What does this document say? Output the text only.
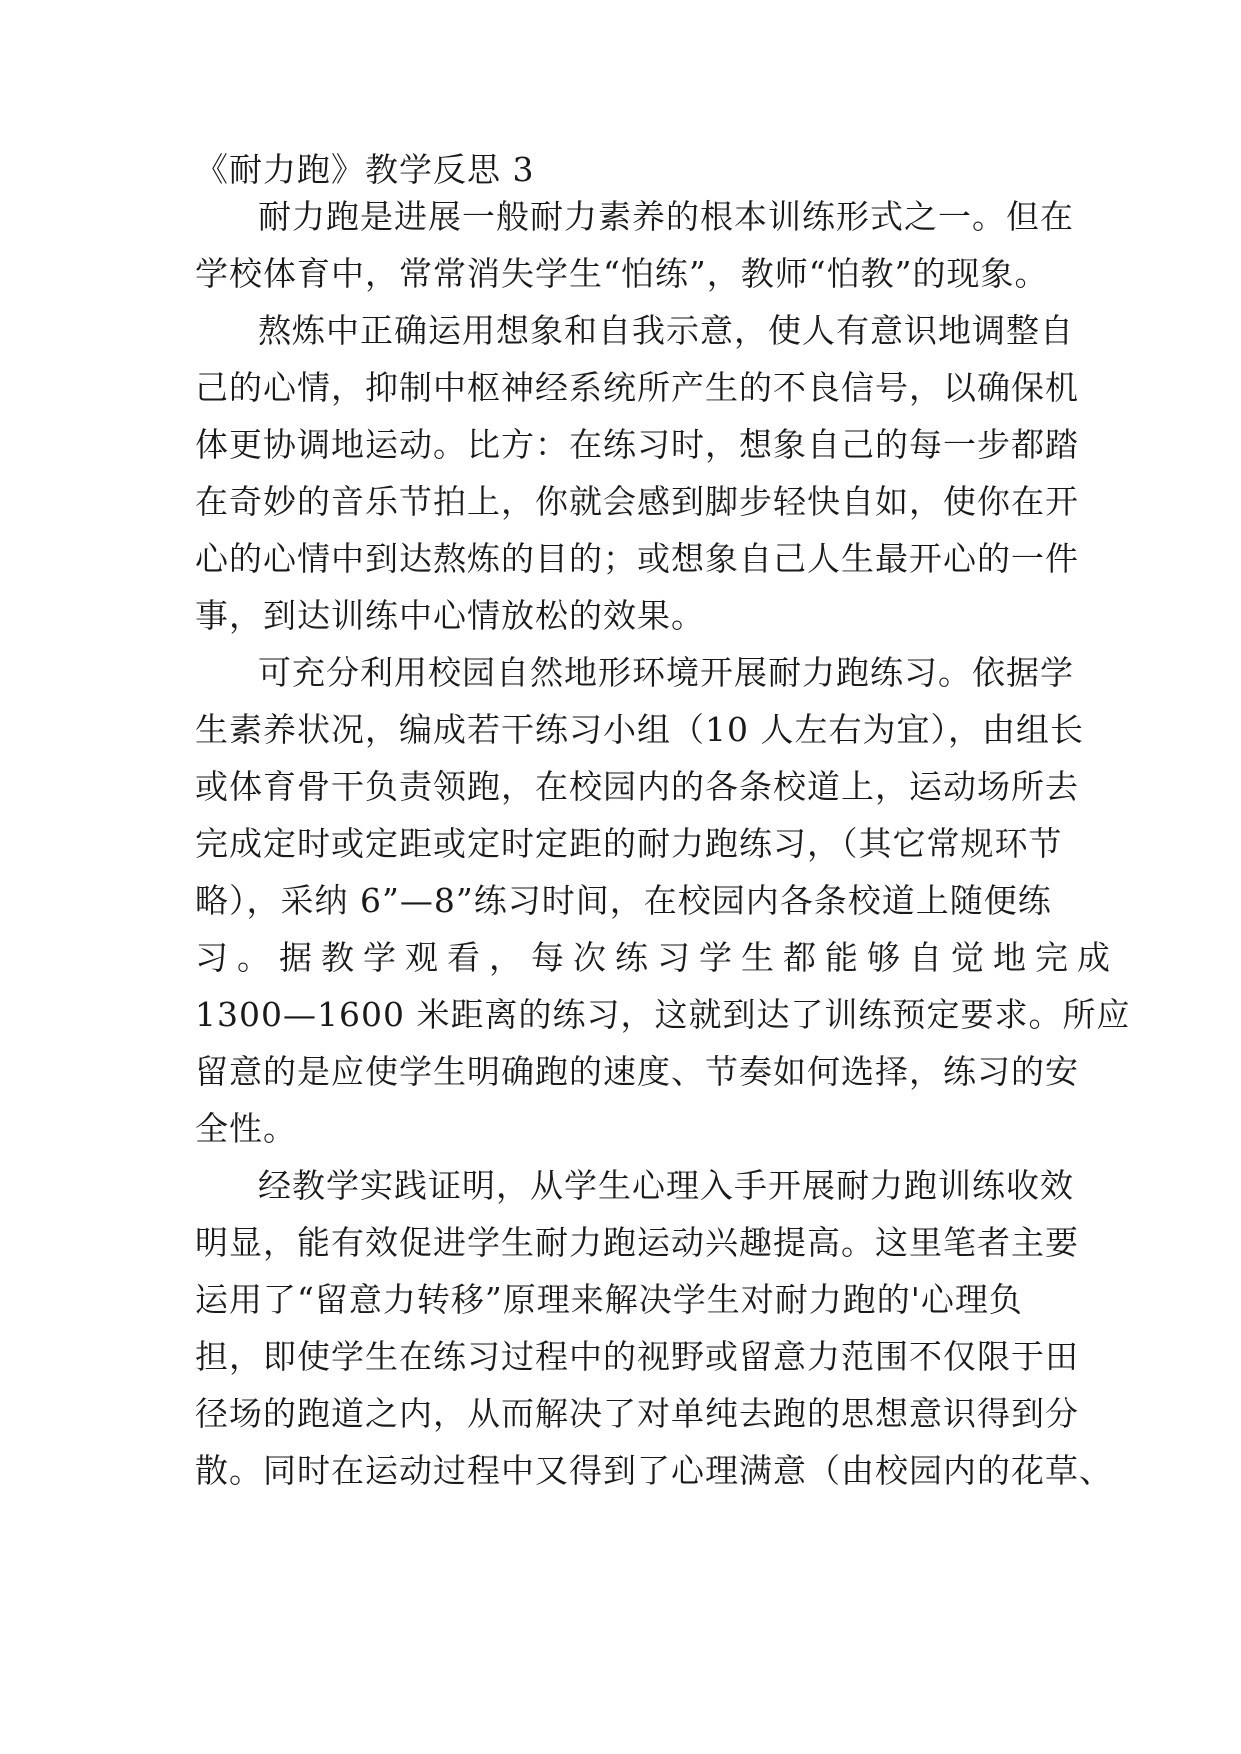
《耐力跑》教学反思 3

耐力跑是进展一般耐力素养的根本训练形式之一。但在

学校体育中，常常消失学生“怕练”，教师“怕教”的现象。

熬炼中正确运用想象和自我示意，使人有意识地调整自

己的心情，抑制中枢神经系统所产生的不良信号，以确保机

体更协调地运动。比方：在练习时，想象自己的每一步都踏

在奇妙的音乐节拍上，你就会感到脚步轻快自如，使你在开

心的心情中到达熬炼的目的；或想象自己人生最开心的一件

事，到达训练中心情放松的效果。

可充分利用校园自然地形环境开展耐力跑练习。依据学

生素养状况，编成若干练习小组（10 人左右为宜），由组长

或体育骨干负责领跑，在校园内的各条校道上，运动场所去

完成定时或定距或定时定距的耐力跑练习，（其它常规环节

略），采纳 6”—8”练习时间，在校园内各条校道上随便练

习。据教学观看，每次练习学生都能够自觉地完成

1300—1600 米距离的练习，这就到达了训练预定要求。所应

留意的是应使学生明确跑的速度、节奏如何选择，练习的安

全性。

经教学实践证明，从学生心理入手开展耐力跑训练收效

明显，能有效促进学生耐力跑运动兴趣提高。这里笔者主要

运用了“留意力转移”原理来解决学生对耐力跑的'心理负

担，即使学生在练习过程中的视野或留意力范围不仅限于田

径场的跑道之内，从而解决了对单纯去跑的思想意识得到分

散。同时在运动过程中又得到了心理满意（由校园内的花草、
